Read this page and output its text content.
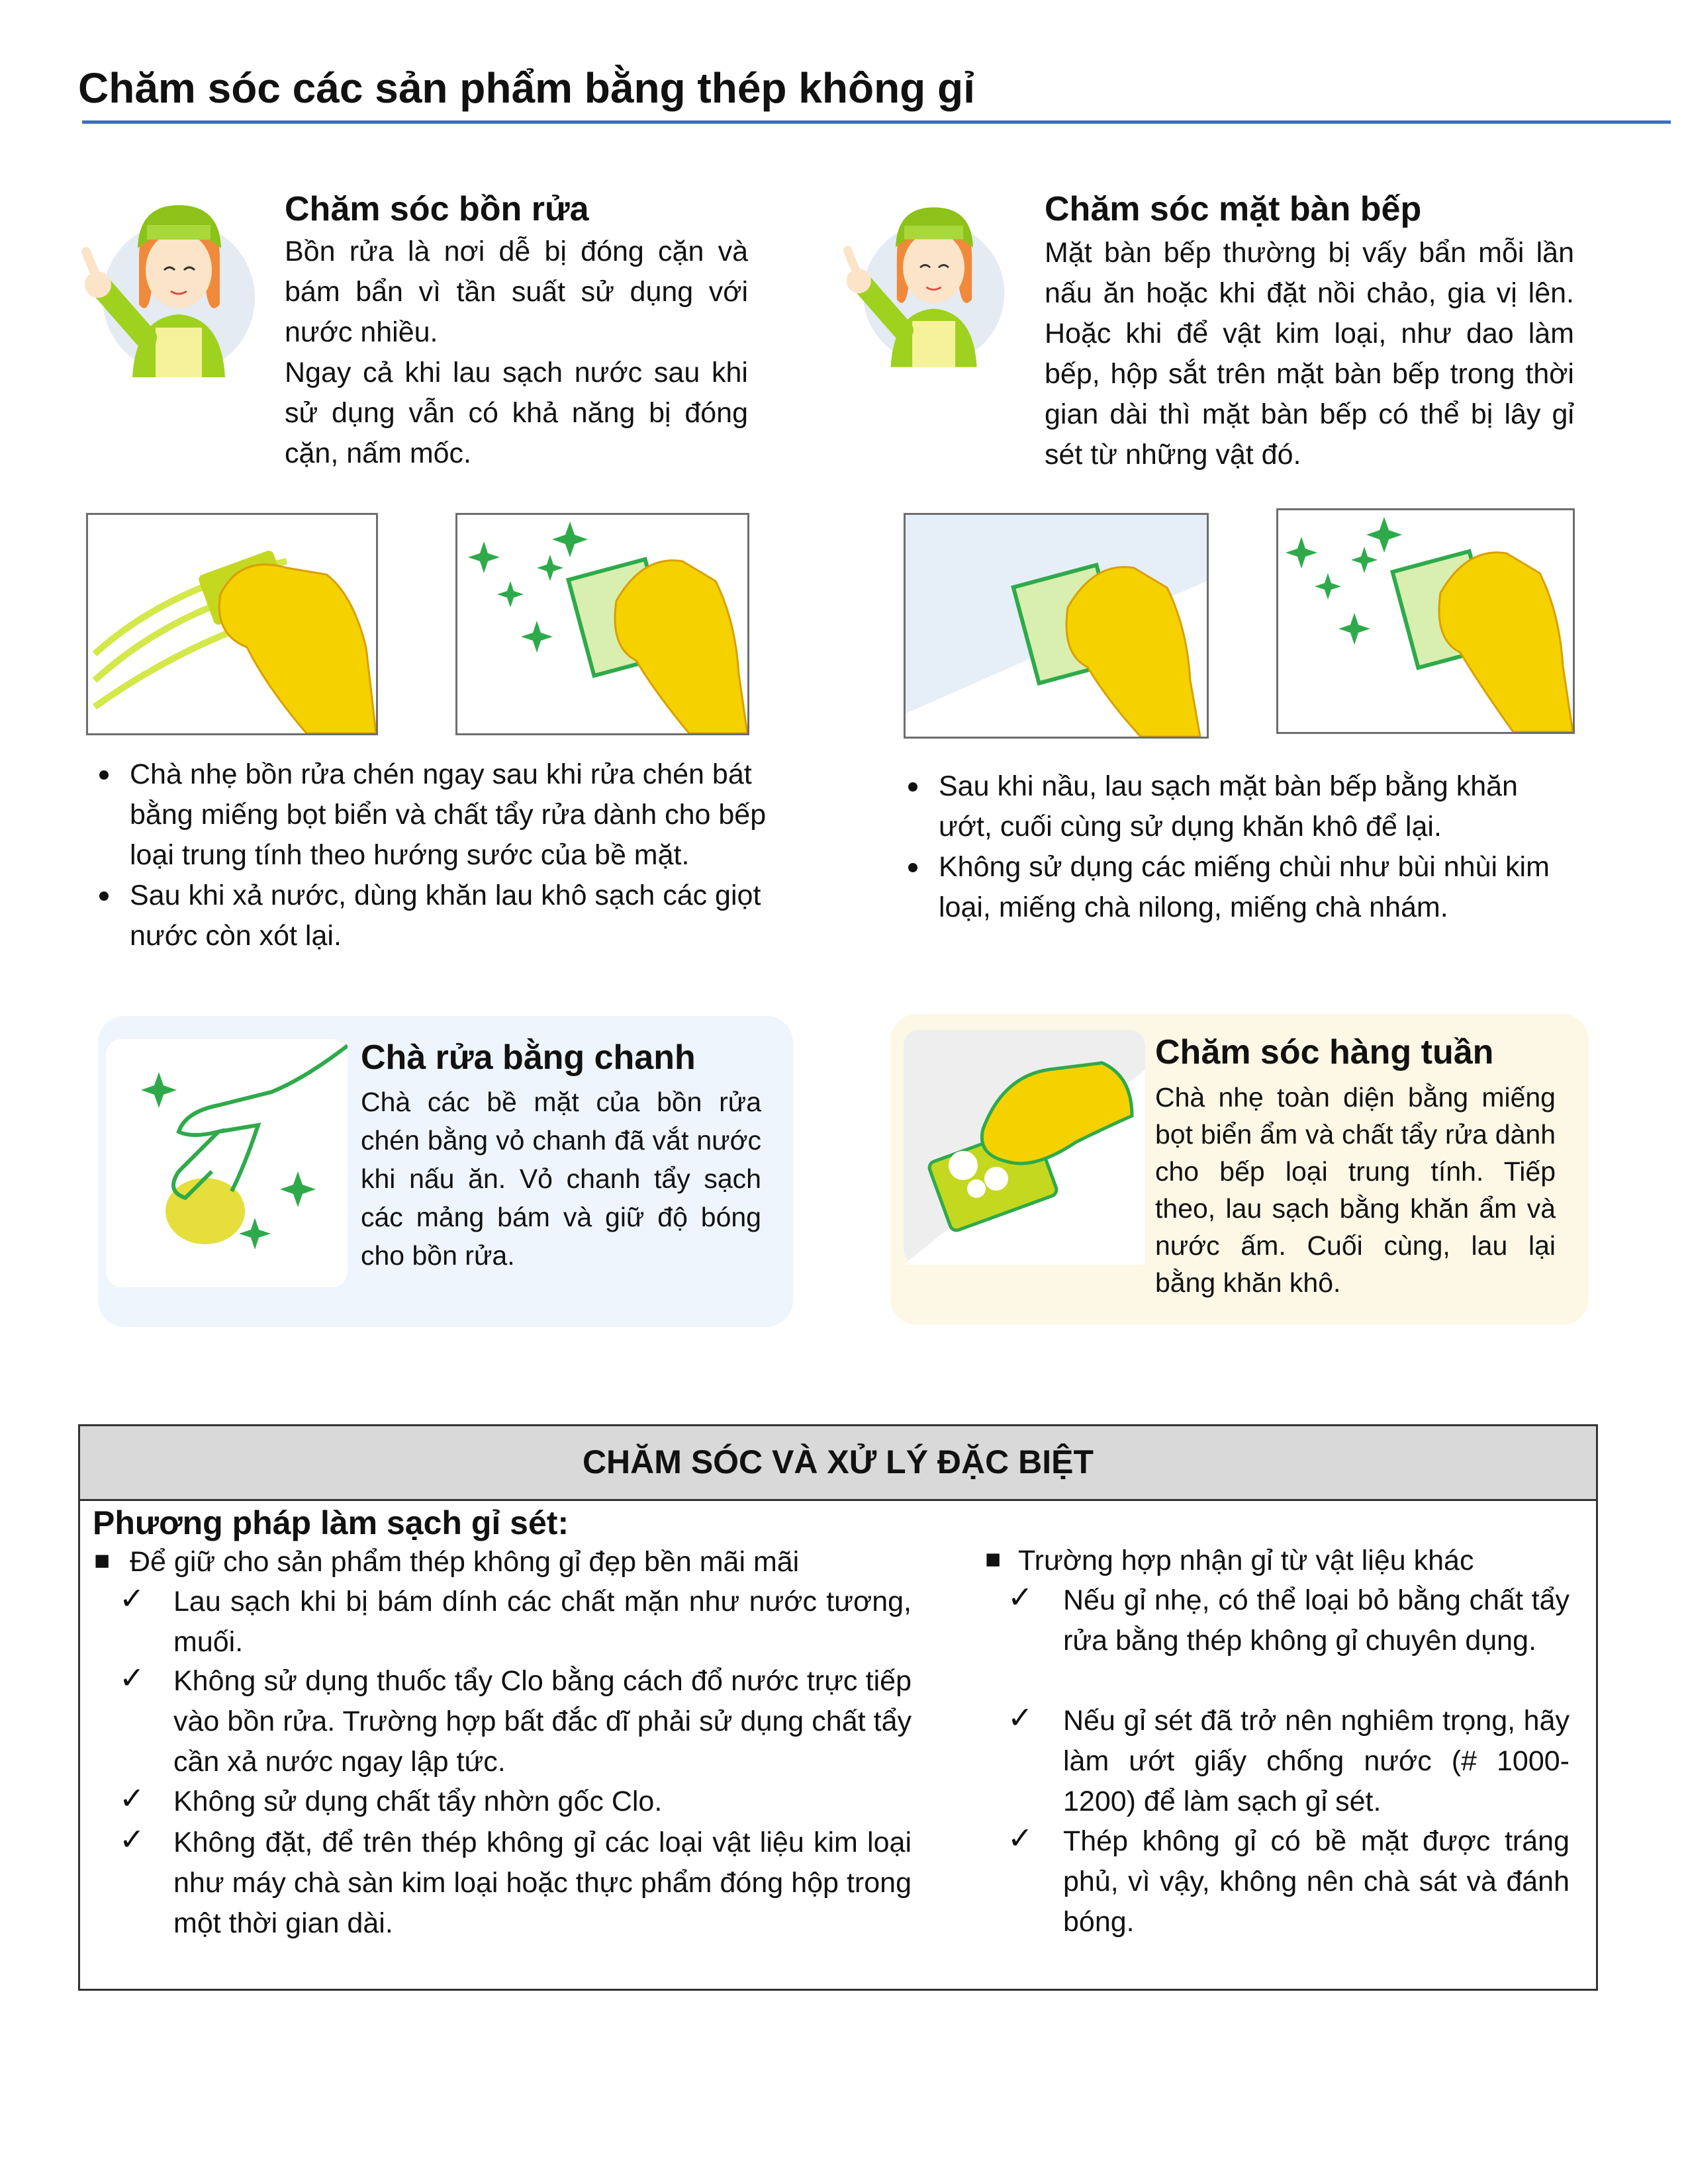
Chăm sóc các sản phẩm bằng thép không gỉ
Chăm sóc bồn rửa

Bồn rửa là nơi dễ bị đóng cặn và bám bẩn vì tần suất sử dụng với nước nhiều.

Ngay cả khi lau sạch nước sau khi sử dụng vẫn có khả năng bị đóng cặn, nấm mốc.

Chà nhẹ bồn rửa chén ngay sau khi rửa chén bát bằng miếng bọt biển và chất tẩy rửa dành cho bếp loại trung tính theo hướng sước của bề mặt.
Sau khi xả nước, dùng khăn lau khô sạch các giọt nước còn xót lại.
Chăm sóc mặt bàn bếp

Mặt bàn bếp thường bị vấy bẩn mỗi lần nấu ăn hoặc khi đặt nồi chảo, gia vị lên. Hoặc khi để vật kim loại, như dao làm bếp, hộp sắt trên mặt bàn bếp trong thời gian dài thì mặt bàn bếp có thể bị lây gỉ sét từ những vật đó.

Sau khi nầu, lau sạch mặt bàn bếp bằng khăn ướt, cuối cùng sử dụng khăn khô để lại.
Không sử dụng các miếng chùi như bùi nhùi kim loại, miếng chà nilong, miếng chà nhám.
Chà rửa bằng chanh

Chà các bề mặt của bồn rửa chén bằng vỏ chanh đã vắt nước khi nấu ăn. Vỏ chanh tẩy sạch các mảng bám và giữ độ bóng cho bồn rửa.

Chăm sóc hàng tuần

Chà nhẹ toàn diện bằng miếng bọt biển ẩm và chất tẩy rửa dành cho bếp loại trung tính. Tiếp theo, lau sạch bằng khăn ẩm và nước ấm. Cuối cùng, lau lại bằng khăn khô.

CHĂM SÓC VÀ XỬ LÝ ĐẶC BIỆT
Phương pháp làm sạch gỉ sét:
■ Để giữ cho sản phẩm thép không gỉ đẹp bền mãi mãi
✓ Lau sạch khi bị bám dính các chất mặn như nước tương, muối.

✓ Không sử dụng thuốc tẩy Clo bằng cách đổ nước trực tiếp vào bồn rửa. Trường hợp bất đắc dĩ phải sử dụng chất tẩy cần xả nước ngay lập tức.

✓ Không sử dụng chất tẩy nhờn gốc Clo.

✓ Không đặt, để trên thép không gỉ các loại vật liệu kim loại như máy chà sàn kim loại hoặc thực phẩm đóng hộp trong một thời gian dài.

■ Trường hợp nhận gỉ từ vật liệu khác
✓ Nếu gỉ nhẹ, có thể loại bỏ bằng chất tẩy rửa bằng thép không gỉ chuyên dụng.

✓ Nếu gỉ sét đã trở nên nghiêm trọng, hãy làm ướt giấy chống nước (# 1000-1200) để làm sạch gỉ sét.

✓ Thép không gỉ có bề mặt được tráng phủ, vì vậy, không nên chà sát và đánh bóng.
